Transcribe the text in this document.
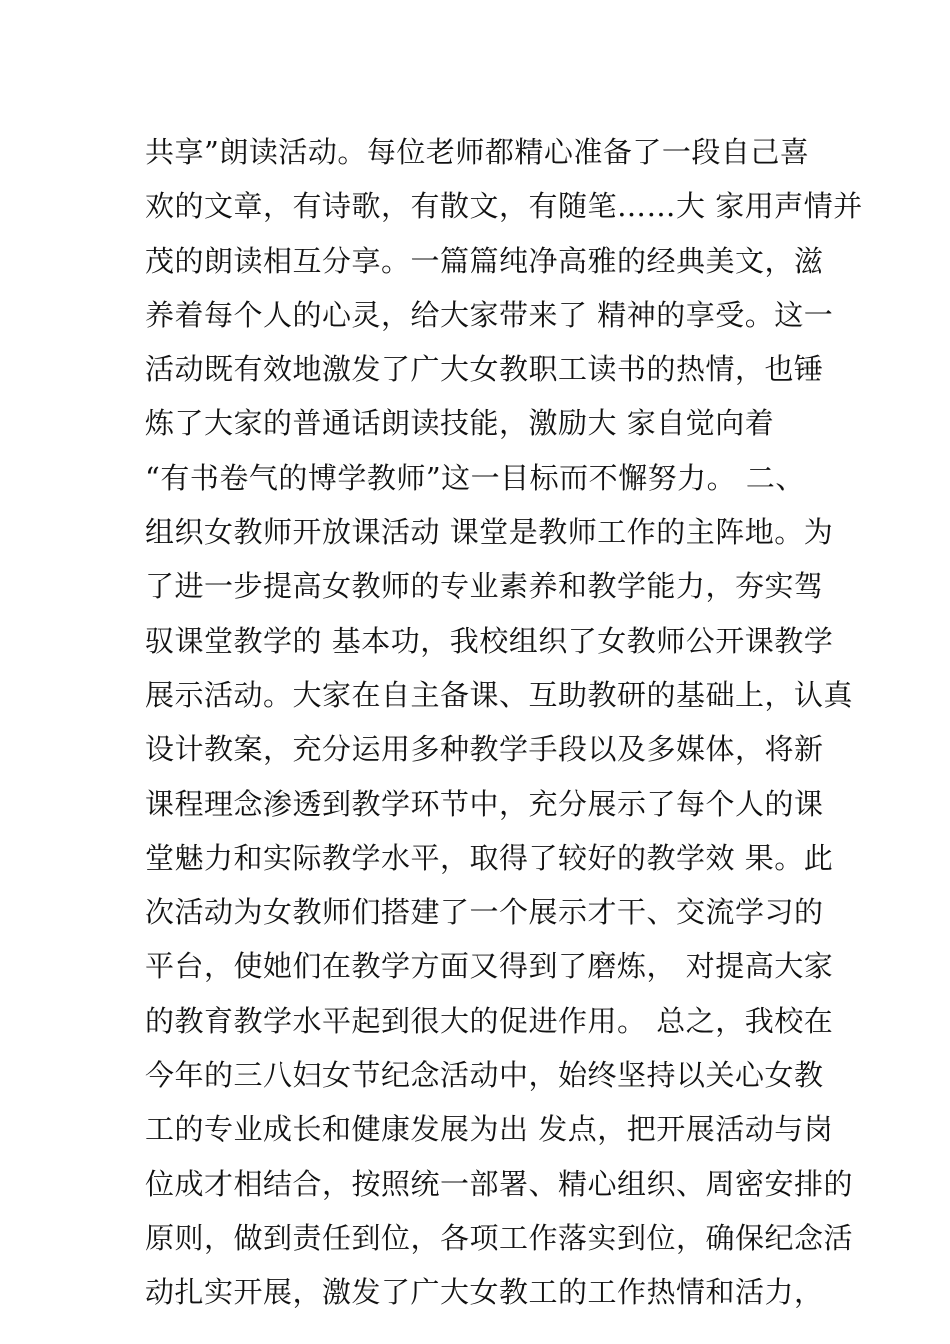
共享”朗读活动。每位老师都精心准备了一段自己喜
欢的文章，有诗歌，有散文，有随笔……大 家用声情并
茂的朗读相互分享。一篇篇纯净高雅的经典美文，滋
养着每个人的心灵，给大家带来了 精神的享受。这一
活动既有效地激发了广大女教职工读书的热情，也锤
炼了大家的普通话朗读技能，激励大 家自觉向着
“有书卷气的博学教师”这一目标而不懈努力。 二、
组织女教师开放课活动 课堂是教师工作的主阵地。为
了进一步提高女教师的专业素养和教学能力，夯实驾
驭课堂教学的 基本功，我校组织了女教师公开课教学
展示活动。大家在自主备课、互助教研的基础上，认真
设计教案，充分运用多种教学手段以及多媒体，将新
课程理念渗透到教学环节中，充分展示了每个人的课
堂魅力和实际教学水平，取得了较好的教学效 果。此
次活动为女教师们搭建了一个展示才干、交流学习的
平台，使她们在教学方面又得到了磨炼， 对提高大家
的教育教学水平起到很大的促进作用。 总之，我校在
今年的三八妇女节纪念活动中，始终坚持以关心女教
工的专业成长和健康发展为出 发点，把开展活动与岗
位成才相结合，按照统一部署、精心组织、周密安排的
原则，做到责任到位，各项工作落实到位，确保纪念活
动扎实开展，激发了广大女教工的工作热情和活力，
